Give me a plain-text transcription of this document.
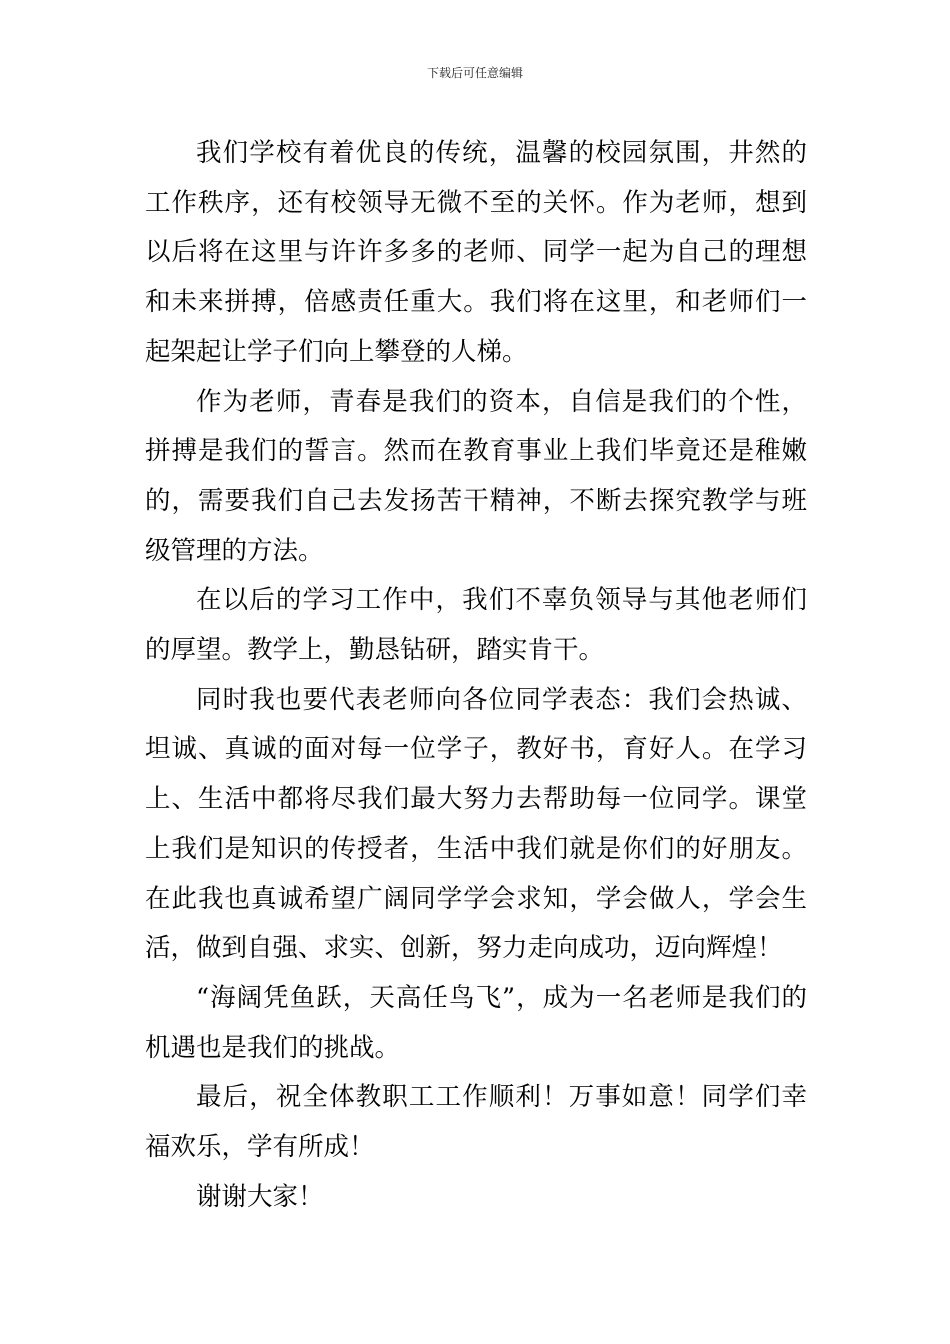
下载后可任意编辑

我们学校有着优良的传统，温馨的校园氛围，井然的工作秩序，还有校领导无微不至的关怀。作为老师，想到以后将在这里与许许多多的老师、同学一起为自己的理想和未来拼搏，倍感责任重大。我们将在这里，和老师们一起架起让学子们向上攀登的人梯。

作为老师，青春是我们的资本，自信是我们的个性，拼搏是我们的誓言。然而在教育事业上我们毕竟还是稚嫩的，需要我们自己去发扬苦干精神，不断去探究教学与班级管理的方法。

在以后的学习工作中，我们不辜负领导与其他老师们的厚望。教学上，勤恳钻研，踏实肯干。

同时我也要代表老师向各位同学表态：我们会热诚、坦诚、真诚的面对每一位学子，教好书，育好人。在学习上、生活中都将尽我们最大努力去帮助每一位同学。课堂上我们是知识的传授者，生活中我们就是你们的好朋友。在此我也真诚希望广阔同学学会求知，学会做人，学会生活，做到自强、求实、创新，努力走向成功，迈向辉煌！

“海阔凭鱼跃，天高任鸟飞”，成为一名老师是我们的机遇也是我们的挑战。

最后，祝全体教职工工作顺利！万事如意！同学们幸福欢乐，学有所成！

谢谢大家！
